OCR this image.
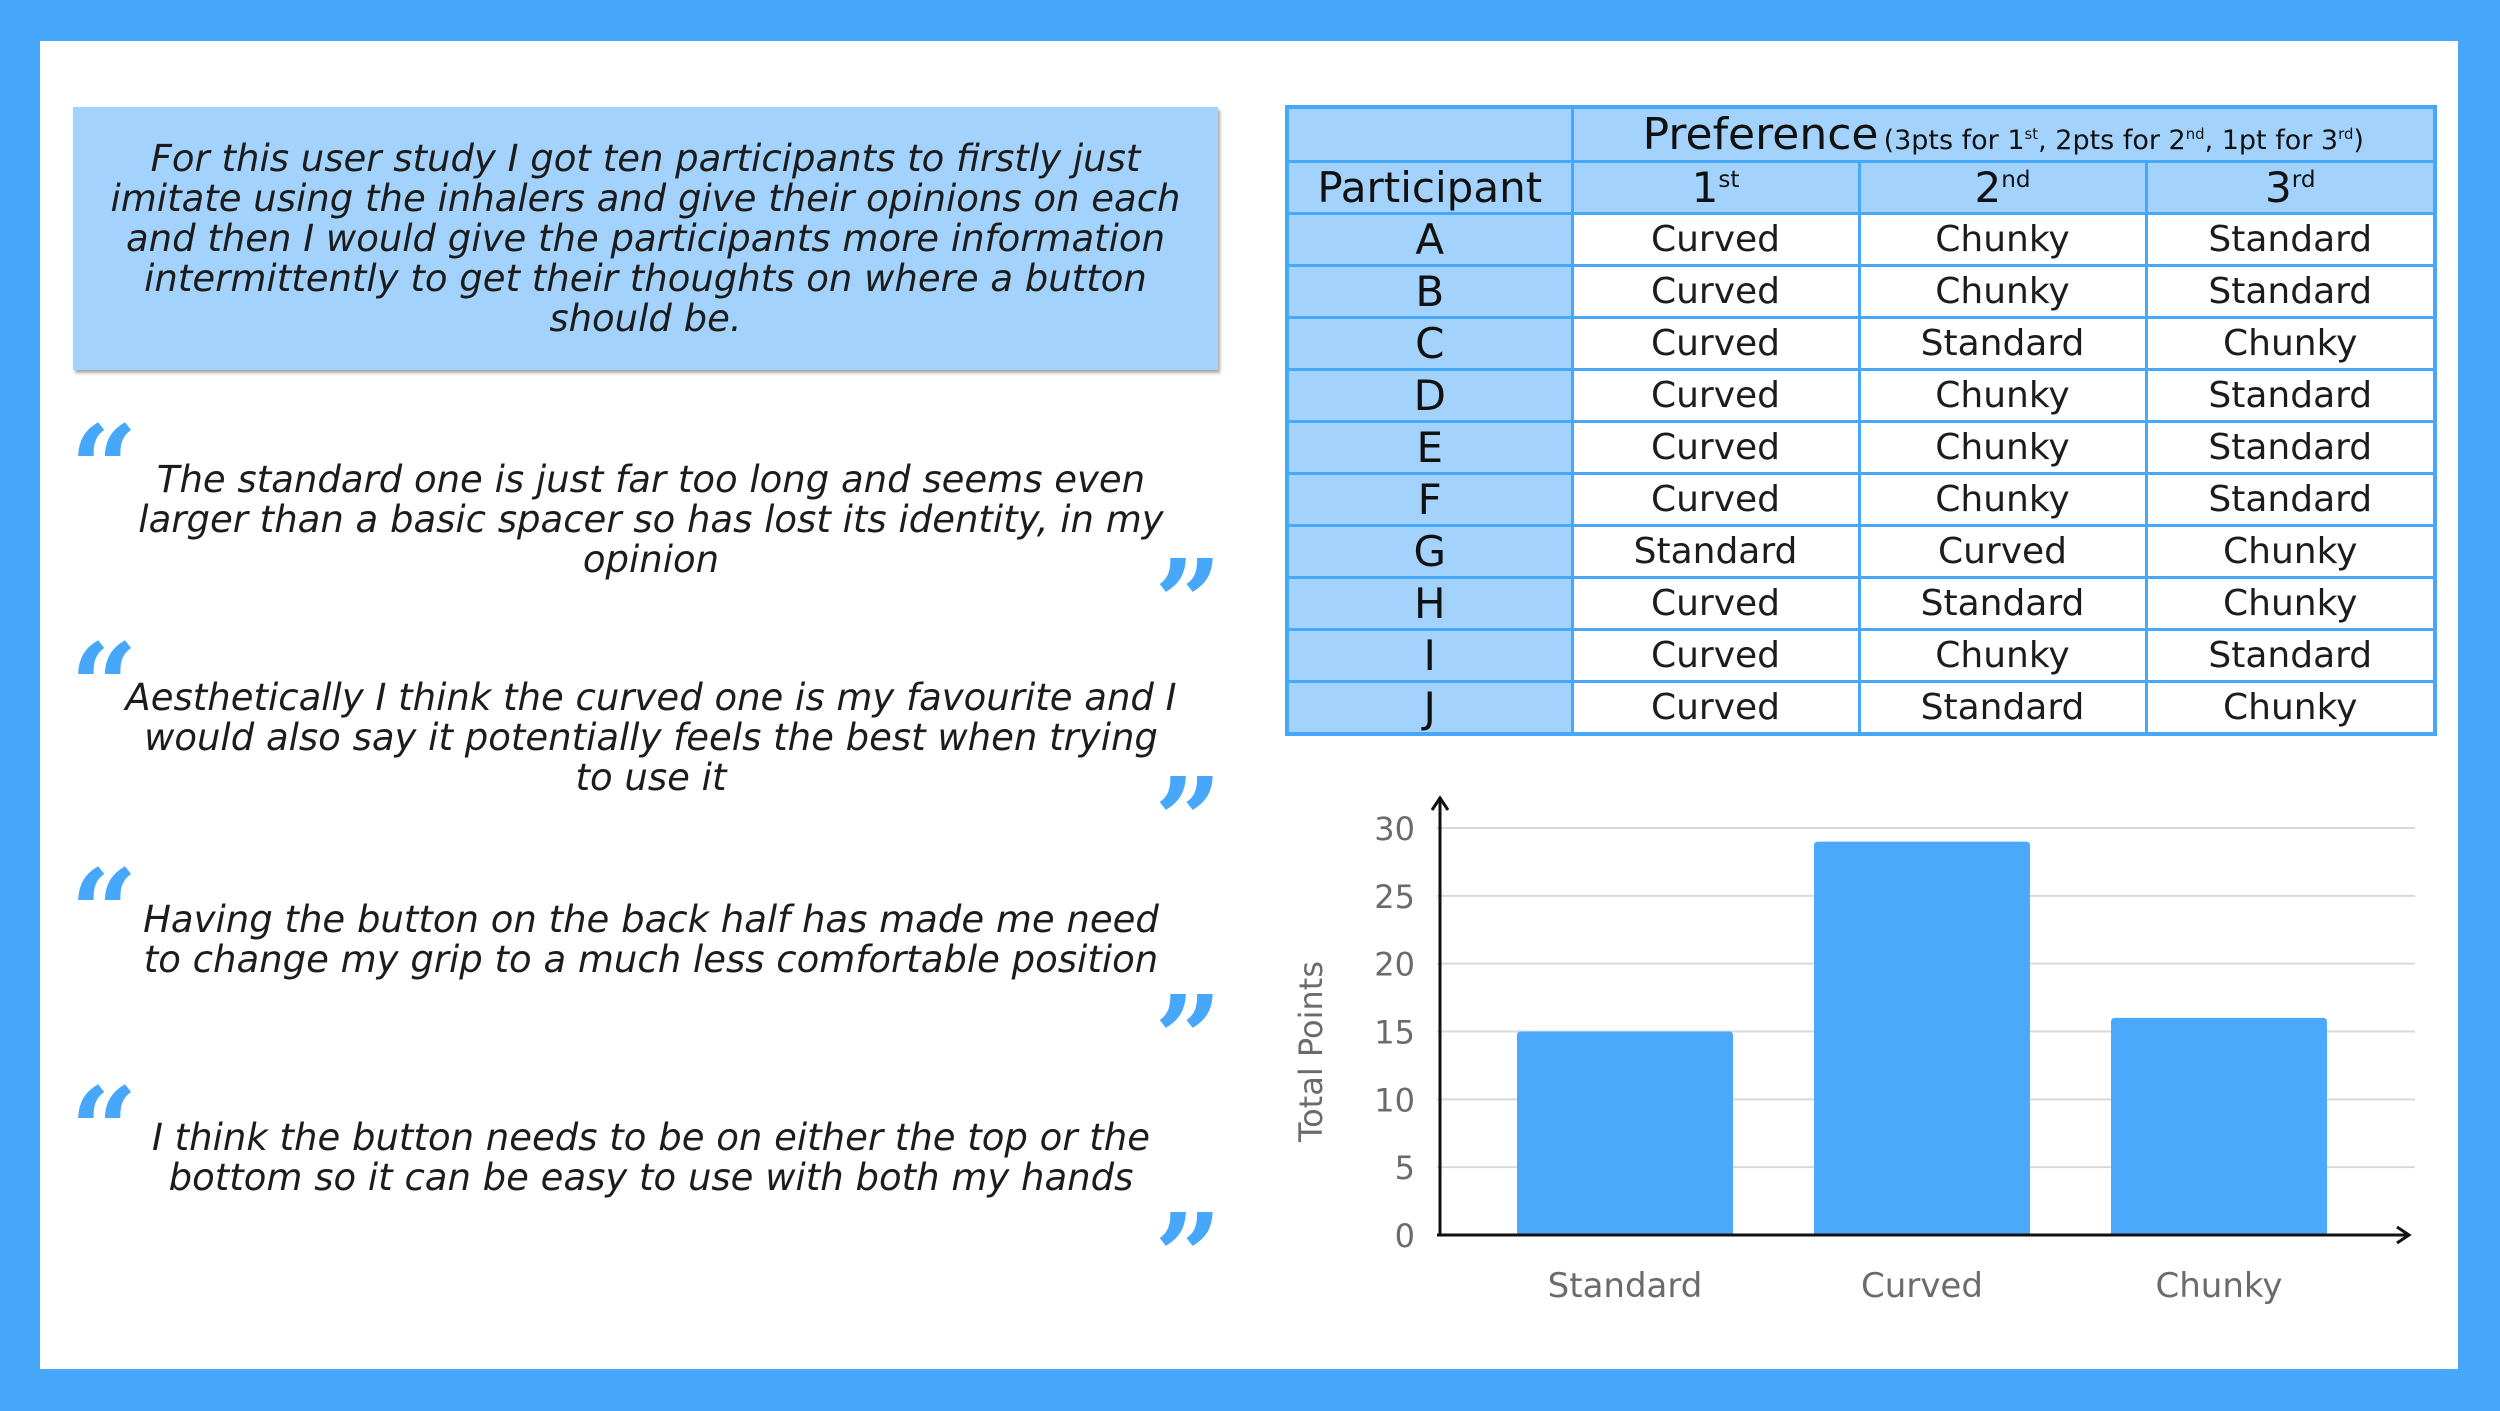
For this user study I got ten participants to firstly just imitate using the inhalers and give their opinions on each and then I would give the participants more information intermittently to get their thoughts on where a button should be.

“ The standard one is just far too long and seems even larger than a basic spacer so has lost its identity, in my opinion	”
“

Aesthetically I think the curved one is my favourite and I would also say it potentially feels the best when trying to use it	”
“ Having the button on the back half has made me need to change my grip to a much less comfortable position

”
“ I think the button needs to be on either the top or the bottom so it can be easy to use with both my hands

”
	Preference (3pts for 1st, 2pts for 2nd, 1pt for 3rd)		
Participant	1st	2nd	3rd
A	Curved	Chunky	Standard
B	Curved	Chunky	Standard
C	Curved	Standard	Chunky
D	Curved	Chunky	Standard
E	Curved	Chunky	Standard
F	Curved	Chunky	Standard
G	Standard	Curved	Chunky
H	Curved	Standard	Chunky
I	Curved	Chunky	Standard
J	Curved	Standard	Chunky
0
5
10
15
20
25
30
Standard	Curved	Chunky
Total Points
